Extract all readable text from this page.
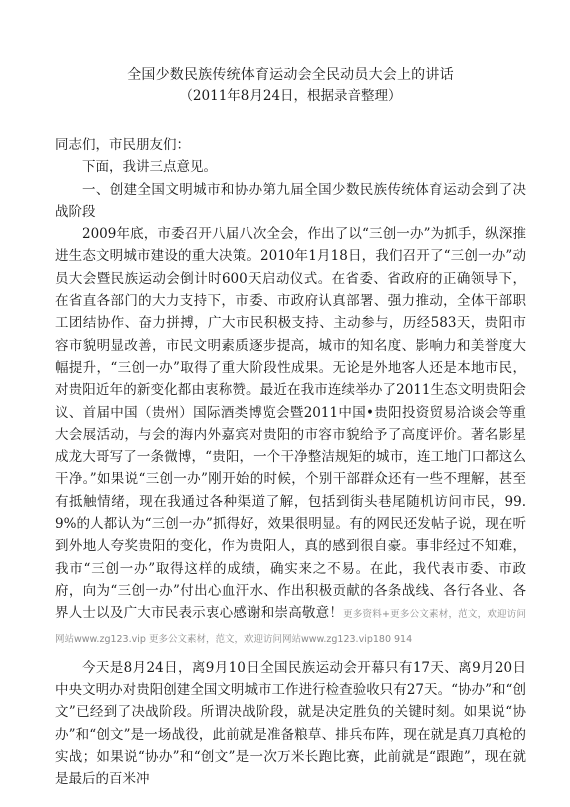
全国少数民族传统体育运动会全民动员大会上的讲话
（2011年8月24日，根据录音整理）

同志们，市民朋友们：

下面，我讲三点意见。

一、创建全国文明城市和协办第九届全国少数民族传统体育运动会到了决战阶段

2009年底，市委召开八届八次全会，作出了以“三创一办”为抓手，纵深推进生态文明城市建设的重大决策。2010年1月18日，我们召开了“三创一办”动员大会暨民族运动会倒计时600天启动仪式。在省委、省政府的正确领导下，在省直各部门的大力支持下，市委、市政府认真部署、强力推动，全体干部职工团结协作、奋力拼搏，广大市民积极支持、主动参与，历经583天，贵阳市容市貌明显改善，市民文明素质逐步提高，城市的知名度、影响力和美誉度大幅提升，“三创一办”取得了重大阶段性成果。无论是外地客人还是本地市民，对贵阳近年的新变化都由衷称赞。最近在我市连续举办了2011生态文明贵阳会议、首届中国（贵州）国际酒类博览会暨2011中国•贵阳投资贸易洽谈会等重大会展活动，与会的海内外嘉宾对贵阳的市容市貌给予了高度评价。著名影星成龙大哥写了一条微博，“贵阳，一个干净整洁规矩的城市，连工地门口都这么干净。”如果说“三创一办”刚开始的时候，个别干部群众还有一些不理解，甚至有抵触情绪，现在我通过各种渠道了解，包括到街头巷尾随机访问市民，99.9%的人都认为“三创一办”抓得好，效果很明显。有的网民还发帖子说，现在听到外地人夸奖贵阳的变化，作为贵阳人，真的感到很自豪。事非经过不知难，我市“三创一办”取得这样的成绩，确实来之不易。在此，我代表市委、市政府，向为“三创一办”付出心血汗水、作出积极贡献的各条战线、各行各业、各界人士以及广大市民表示衷心感谢和崇高敬意！更多资料+更多公文素材，范文，欢迎访问网站www.zg123.vip 更多公文素材，范文，欢迎访问网站www.zg123.vip180 914

今天是8月24日，离9月10日全国民族运动会开幕只有17天、离9月20日中央文明办对贵阳创建全国文明城市工作进行检查验收只有27天。“协办”和“创文”已经到了决战阶段。所谓决战阶段，就是决定胜负的关键时刻。如果说“协办”和“创文”是一场战役，此前就是准备粮草、排兵布阵，现在就是真刀真枪的实战；如果说“协办”和“创文”是一次万米长跑比赛，此前就是“跟跑”，现在就是最后的百米冲
